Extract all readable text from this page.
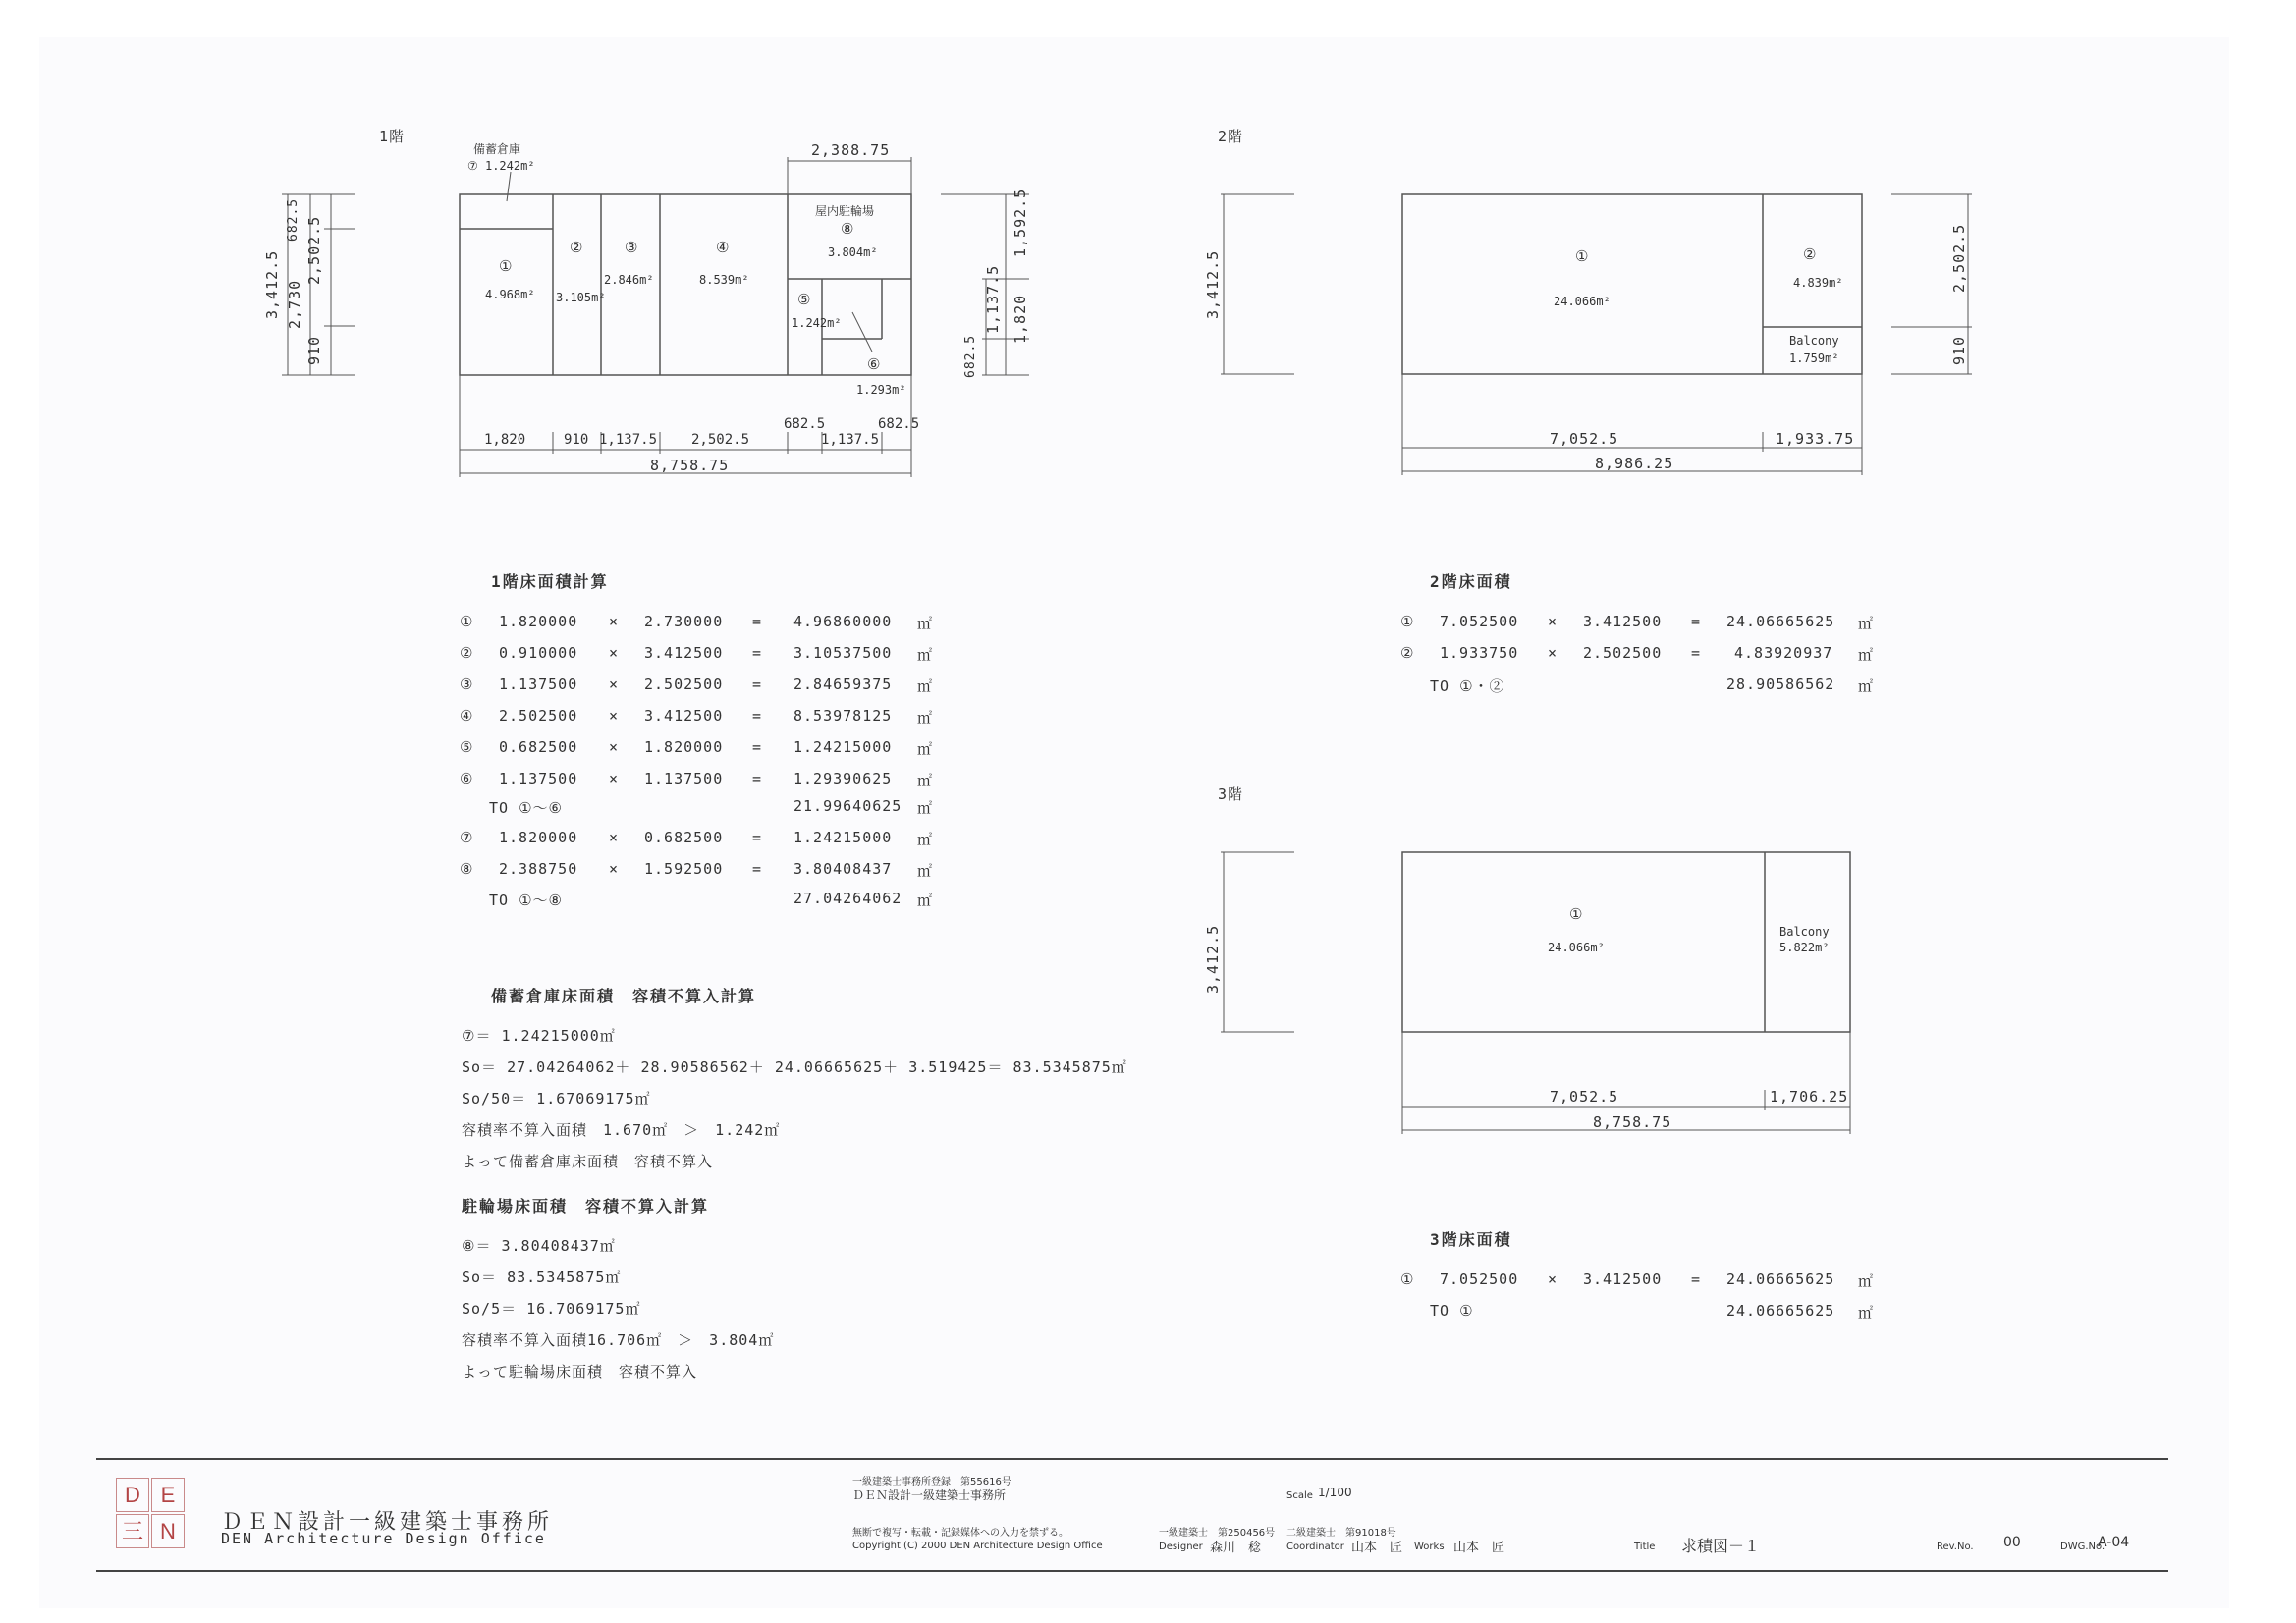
1階
備蓄倉庫
⑦ 1.242m²
屋内駐輪場
①
4.968m²
②
3.105m²
③
2.846m²
④
8.539m²
⑤
1.242m²
⑥
1.293m²
⑧
3.804m²
2,388.75
1,820	910 1,137.5 2,502.5
682.5
1,137.5
682.5
8,758.75
3,412.5 2,730
682.5 2,502.5
910
1,592.5
1,137.5 1,820
682.5
2階
①
24.066m²
②
4.839m²
Balcony
1.759m²
7,052.5	1,933.75
8,986.25
3,412.5	2,502.5
910
3階
①
24.066m²
Balcony
5.822m²
7,052.5	1,706.25
8,758.75
3,412.5
1階床面積計算
① 1.820000 × 2.730000 = 4.96860000 ㎡
② 0.910000 × 3.412500 = 3.10537500 ㎡
③ 1.137500 × 2.502500 = 2.84659375 ㎡
④ 2.502500 × 3.412500 = 8.53978125 ㎡
⑤ 0.682500 × 1.820000 = 1.24215000 ㎡
⑥ 1.137500 × 1.137500 = 1.29390625 ㎡
TO ①～⑥	21.99640625 ㎡
⑦ 1.820000 × 0.682500 = 1.24215000 ㎡
⑧ 2.388750 × 1.592500 = 3.80408437 ㎡
TO ①～⑧	27.04264062 ㎡
備蓄倉庫床面積　容積不算入計算
⑦＝ 1.24215000㎡
So＝ 27.04264062＋ 28.90586562＋ 24.06665625＋ 3.519425＝ 83.5345875㎡
So/50＝ 1.67069175㎡
容積率不算入面積　1.670㎡　＞　1.242㎡
よって備蓄倉庫床面積　容積不算入
駐輪場床面積　容積不算入計算
⑧＝ 3.80408437㎡
So＝ 83.5345875㎡
So/5＝ 16.7069175㎡
容積率不算入面積16.706㎡　＞　3.804㎡
よって駐輪場床面積　容積不算入
2階床面積
① 7.052500 × 3.412500 = 24.06665625 ㎡
② 1.933750 × 2.502500 = 4.83920937 ㎡
TO ①・②	28.90586562 ㎡
3階床面積
① 7.052500 × 3.412500 = 24.06665625 ㎡
TO ①	24.06665625 ㎡
D E
三 N	ＤＥＮ設計一級建築士事務所
DEN Architecture Design Office
一級建築士事務所登録　第55616号
ＤＥＮ設計一級建築士事務所	Scale 1/100
無断で複写・転載・記録媒体への入力を禁ずる。
Copyright (C) 2000 DEN Architecture Design Office
一級建築士　第250456号 二級建築士　第91018号
Designer 森川　稔	Coordinator 山本　匠 Works 山本　匠	Title 求積図－１	Rev.No. 00	DWG.No.
A-04
